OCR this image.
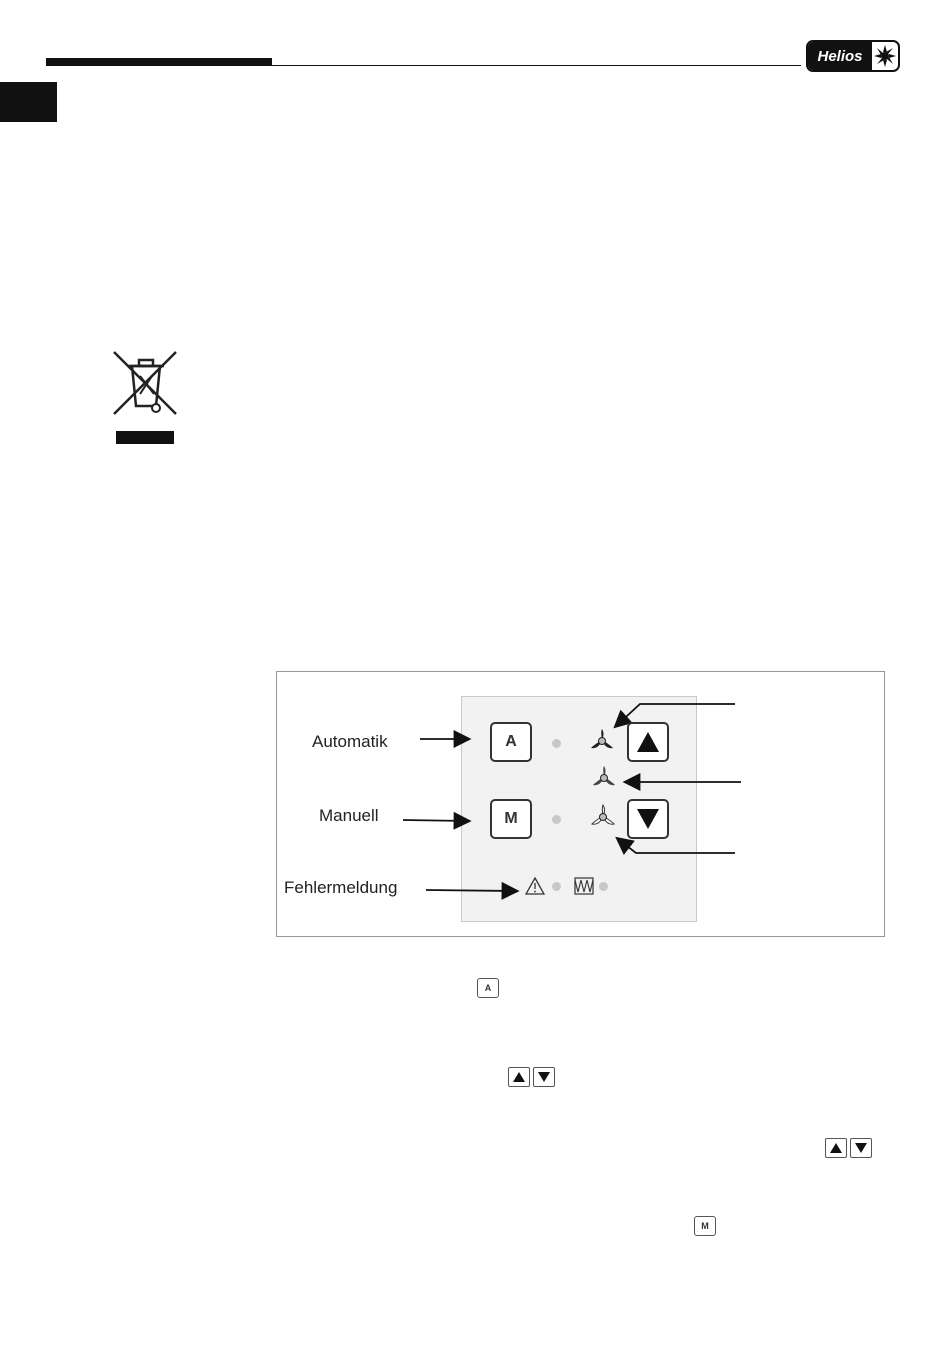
Helios
Automatik
Manuell
Fehlermeldung
A
M
A
M
